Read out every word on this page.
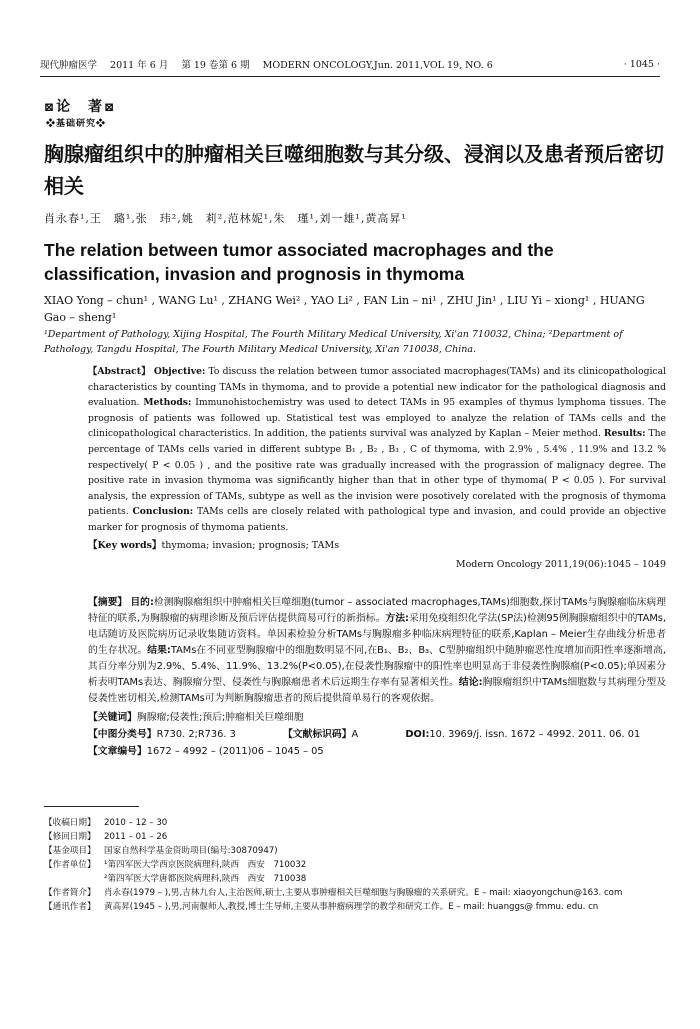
现代肿瘤医学 2011 年 6 月 第 19 卷第 6 期 MODERN ONCOLOGY,Jun. 2011,VOL 19, NO. 6	· 1045 ·
⊠论　著⊠
❖基础研究❖
胸腺瘤组织中的肿瘤相关巨噬细胞数与其分级、浸润以及患者预后密切相关
肖永春¹,王　璐¹,张　玮²,姚　莉²,范林妮¹,朱　瑾¹,刘一雄¹,黄高昇¹
The relation between tumor associated macrophages and the classification, invasion and prognosis in thymoma
XIAO Yong – chun¹ , WANG Lu¹ , ZHANG Wei² , YAO Li² , FAN Lin – ni¹ , ZHU Jin¹ , LIU Yi – xiong¹ , HUANG Gao – sheng¹
¹Department of Pathology, Xijing Hospital, The Fourth Military Medical University, Xi'an 710032, China; ²Department of Pathology, Tangdu Hospital, The Fourth Military Medical University, Xi'an 710038, China.
【Abstract】 Objective: To discuss the relation between tumor associated macrophages(TAMs) and its clinicopathological characteristics by counting TAMs in thymoma, and to provide a potential new indicator for the pathological diagnosis and evaluation. Methods: Immunohistochemistry was used to detect TAMs in 95 examples of thymus lymphoma tissues. The prognosis of patients was followed up. Statistical test was employed to analyze the relation of TAMs cells and the clinicopathological characteristics. In addition, the patients survival was analyzed by Kaplan – Meier method. Results: The percentage of TAMs cells varied in different subtype B₁ , B₂ , B₃ , C of thymoma, with 2.9% , 5.4% , 11.9% and 13.2 % respectively( P < 0.05 ) , and the positive rate was gradually increased with the prograssion of malignacy degree. The positive rate in invasion thymoma was significantly higher than that in other type of thymoma( P < 0.05 ). For survival analysis, the expression of TAMs, subtype as well as the invision were posotively corelated with the prognosis of thymoma patients. Conclusion: TAMs cells are closely related with pathological type and invasion, and could provide an objective marker for prognosis of thymoma patients.
【Key words】thymoma; invasion; prognosis; TAMs
Modern Oncology 2011,19(06):1045 – 1049
【摘要】 目的:检测胸腺瘤组织中肿瘤相关巨噬细胞(tumor – associated macrophages,TAMs)细胞数,探讨TAMs与胸腺瘤临床病理特征的联系,为胸腺瘤的病理诊断及预后评估提供简易可行的新指标。方法:采用免疫组织化学法(SP法)检测95例胸腺瘤组织中的TAMs,电话随访及医院病历记录收集随访资料。单因素检验分析TAMs与胸腺瘤多种临床病理特征的联系,Kaplan – Meier生存曲线分析患者的生存状况。结果:TAMs在不同亚型胸腺瘤中的细胞数明显不同,在B₁、B₂、B₃、C型肿瘤组织中随肿瘤恶性度增加而阳性率逐渐增高,其百分率分别为2.9%、5.4%、11.9%、13.2%(P<0.05),在侵袭性胸腺瘤中的阳性率也明显高于非侵袭性胸腺瘤(P<0.05);单因素分析表明TAMs表达、胸腺瘤分型、侵袭性与胸腺瘤患者术后远期生存率有显著相关性。结论:胸腺瘤组织中TAMs细胞数与其病理分型及侵袭性密切相关,检测TAMs可为判断胸腺瘤患者的预后提供简单易行的客观依据。
【关键词】胸腺瘤;侵袭性;预后;肿瘤相关巨噬细胞
【中图分类号】R730. 2;R736. 3	【文献标识码】A	DOI:10. 3969/j. issn. 1672 – 4992. 2011. 06. 01
【文章编号】1672 – 4992 – (2011)06 – 1045 – 05
【收稿日期】 2010 – 12 – 30
【修回日期】 2011 – 01 – 26
【基金项目】 国家自然科学基金资助项目(编号:30870947)
【作者单位】 ¹第四军医大学西京医院病理科,陕西　西安　710032
²第四军医大学唐都医院病理科,陕西　西安　710038
【作者简介】 肖永春(1979 – ),男,吉林九台人,主治医师,硕士,主要从事肿瘤相关巨噬细胞与胸腺瘤的关系研究。E – mail: xiaoyongchun@163. com
【通讯作者】 黄高昇(1945 – ),男,河南偃师人,教授,博士生导师,主要从事肿瘤病理学的教学和研究工作。E – mail: huanggs@ fmmu. edu. cn
